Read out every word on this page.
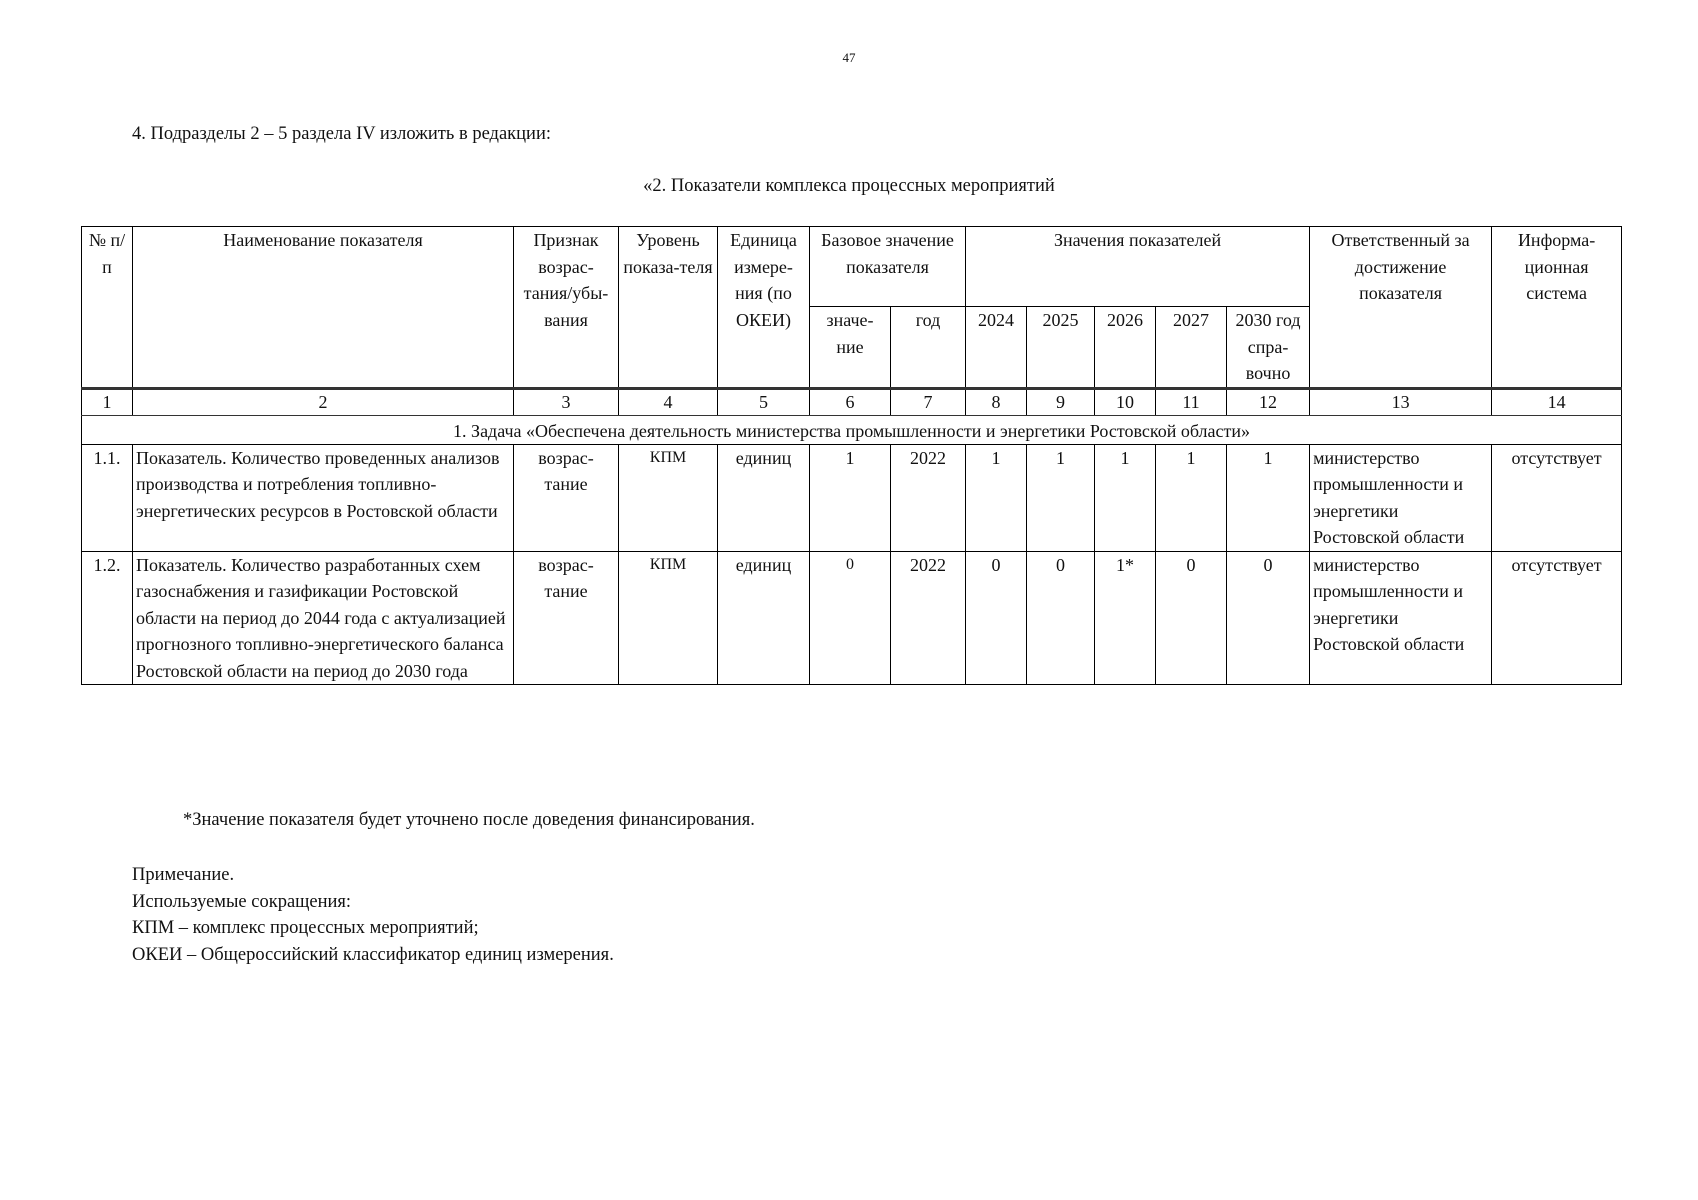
47
4. Подразделы 2 – 5 раздела IV изложить в редакции:
«2. Показатели комплекса процессных мероприятий
№ п/п	Наименование показателя	Признак возрас-тания/убы-вания	Уровень показа-теля	Единица измере-ния (по ОКЕИ)	Базовое значение показателя		Значения показателей					Ответственный за достижение показателя	Информа-ционная система
					значе-ние	год	2024	2025	2026	2027	2030 год спра-вочно		
1	2	3	4	5	6	7	8	9	10	11	12	13	14
1. Задача «Обеспечена деятельность министерства промышленности и энергетики Ростовской области»													
1.1.	Показатель. Количество проведенных анализов производства и потребления топливно-энергетических ресурсов в Ростовской области	возрас-тание	КПМ	единиц	1	2022	1	1	1	1	1	министерство промышленности и энергетики Ростовской области	отсутствует
1.2.	Показатель. Количество разработанных схем газоснабжения и газификации Ростовской области на период до 2044 года с актуализацией прогнозного топливно-энергетического баланса Ростовской области на период до 2030 года	возрас-тание	КПМ	единиц	0	2022	0	0	1*	0	0	министерство промышленности и энергетики Ростовской области	отсутствует
*Значение показателя будет уточнено после доведения финансирования.
Примечание.
Используемые сокращения:
КПМ – комплекс процессных мероприятий;
ОКЕИ – Общероссийский классификатор единиц измерения.
